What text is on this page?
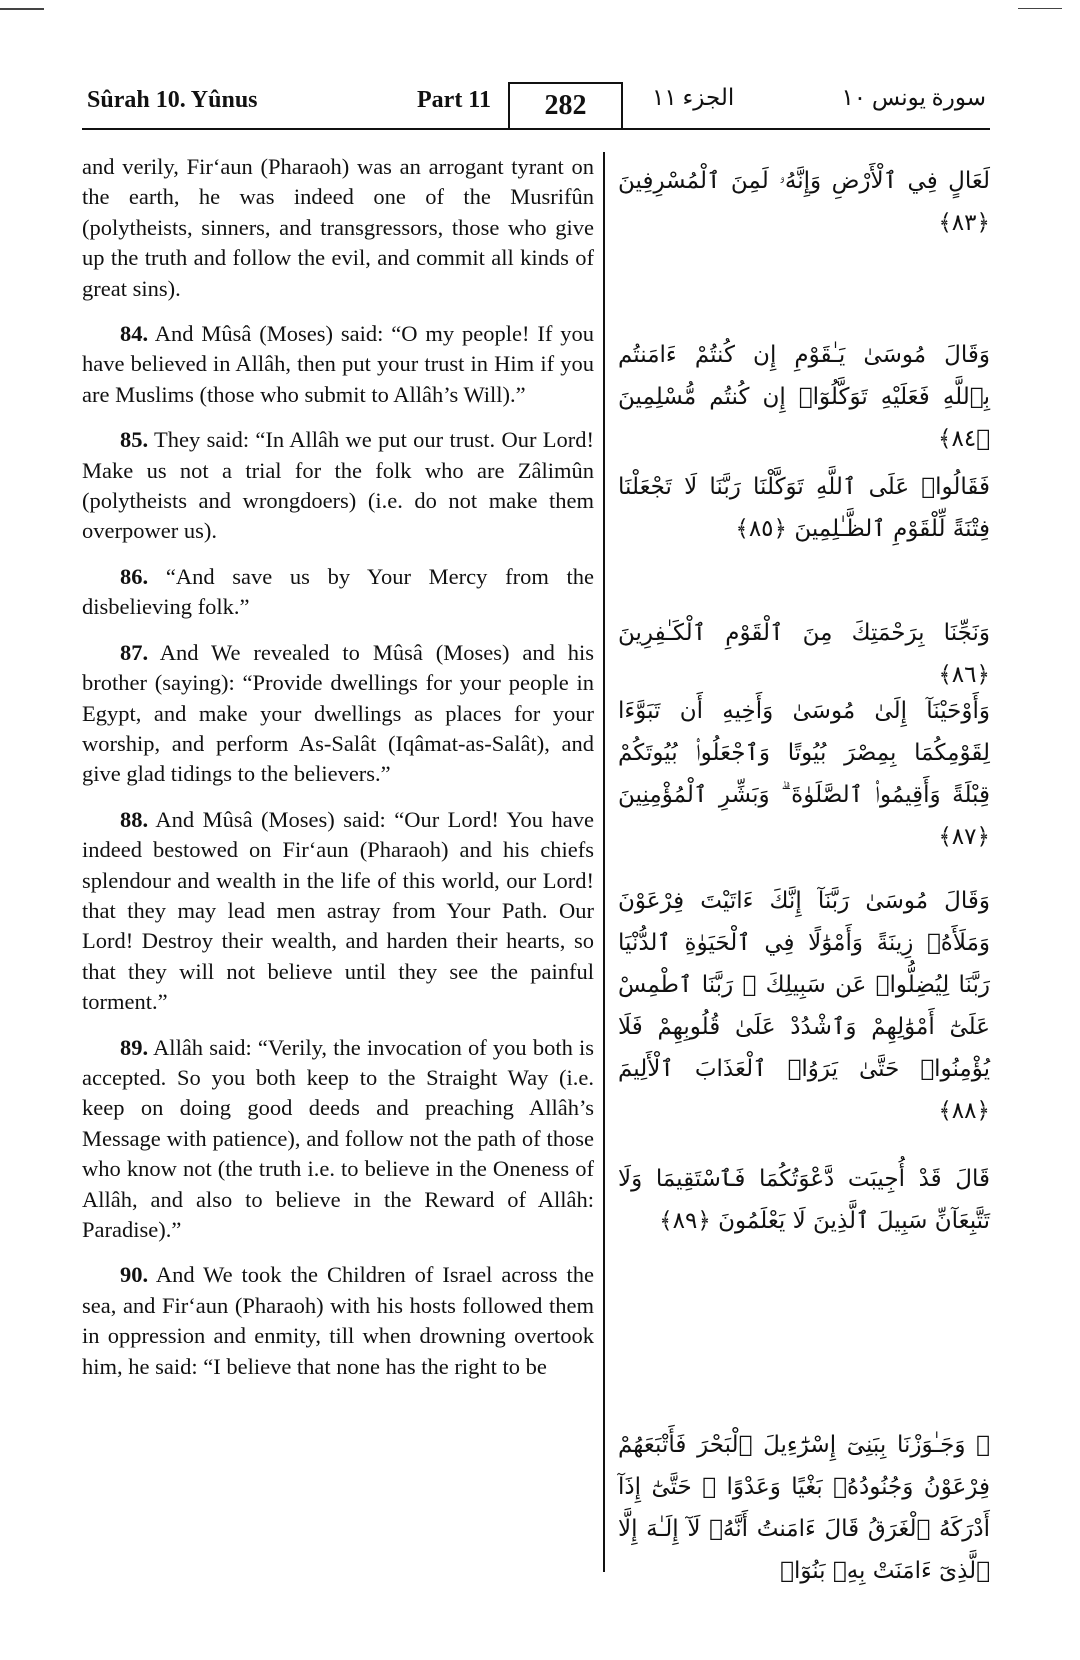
Sûrah 10. Yûnus	Part 11	282	الجزء ١١	سورة يونس ١٠

and verily, Fir‘aun (Pharaoh) was an arrogant tyrant on the earth, he was indeed one of the Musrifûn (polytheists, sinners, and transgressors, those who give up the truth and follow the evil, and commit all kinds of great sins).

84. And Mûsâ (Moses) said: “O my people! If you have believed in Allâh, then put your trust in Him if you are Muslims (those who submit to Allâh’s Will).”

85. They said: “In Allâh we put our trust. Our Lord! Make us not a trial for the folk who are Zâlimûn (polytheists and wrongdoers) (i.e. do not make them overpower us).

86. “And save us by Your Mercy from the disbelieving folk.”

87. And We revealed to Mûsâ (Moses) and his brother (saying): “Provide dwellings for your people in Egypt, and make your dwellings as places for your worship, and perform As-Salât (Iqâmat-as-Salât), and give glad tidings to the believers.”

88. And Mûsâ (Moses) said: “Our Lord! You have indeed bestowed on Fir‘aun (Pharaoh) and his chiefs splendour and wealth in the life of this world, our Lord! that they may lead men astray from Your Path. Our Lord! Destroy their wealth, and harden their hearts, so that they will not believe until they see the painful torment.”

89. Allâh said: “Verily, the invocation of you both is accepted. So you both keep to the Straight Way (i.e. keep on doing good deeds and preaching Allâh’s Message with patience), and follow not the path of those who know not (the truth i.e. to believe in the Oneness of Allâh, and also to believe in the Reward of Allâh: Paradise).”

90. And We took the Children of Israel across the sea, and Fir‘aun (Pharaoh) with his hosts followed them in oppression and enmity, till when drowning overtook him, he said: “I believe that none has the right to be

لَعَالٍ فِي ٱلْأَرْضِ وَإِنَّهُۥ لَمِنَ ٱلْمُسْرِفِينَ ﴿٨٣﴾
وَقَالَ مُوسَىٰ يَـٰقَوْمِ إِن كُنتُمْ ءَامَنتُم بِٱللَّهِ فَعَلَيْهِ تَوَكَّلُوٓا۟ إِن كُنتُم مُّسْلِمِينَ ﴿٨٤﴾
فَقَالُوا۟ عَلَى ٱللَّهِ تَوَكَّلْنَا رَبَّنَا لَا تَجْعَلْنَا فِتْنَةً لِّلْقَوْمِ ٱلظَّـٰلِمِينَ ﴿٨٥﴾
وَنَجِّنَا بِرَحْمَتِكَ مِنَ ٱلْقَوْمِ ٱلْكَـٰفِرِينَ ﴿٨٦﴾
وَأَوْحَيْنَآ إِلَىٰ مُوسَىٰ وَأَخِيهِ أَن تَبَوَّءَا لِقَوْمِكُمَا بِمِصْرَ بُيُوتًا وَٱجْعَلُوا۟ بُيُوتَكُمْ قِبْلَةً وَأَقِيمُوا۟ ٱلصَّلَوٰةَ ۗ وَبَشِّرِ ٱلْمُؤْمِنِينَ ﴿٨٧﴾
وَقَالَ مُوسَىٰ رَبَّنَآ إِنَّكَ ءَاتَيْتَ فِرْعَوْنَ وَمَلَأَهُۥ زِينَةً وَأَمْوَٰلًا فِي ٱلْحَيَوٰةِ ٱلدُّنْيَا رَبَّنَا لِيُضِلُّوا۟ عَن سَبِيلِكَ ۖ رَبَّنَا ٱطْمِسْ عَلَىٰٓ أَمْوَٰلِهِمْ وَٱشْدُدْ عَلَىٰ قُلُوبِهِمْ فَلَا يُؤْمِنُوا۟ حَتَّىٰ يَرَوُا۟ ٱلْعَذَابَ ٱلْأَلِيمَ ﴿٨٨﴾
قَالَ قَدْ أُجِيبَت دَّعْوَتُكُمَا فَٱسْتَقِيمَا وَلَا تَتَّبِعَآنِّ سَبِيلَ ٱلَّذِينَ لَا يَعْلَمُونَ ﴿٨٩﴾
۞ وَجَـٰوَزْنَا بِبَنِىٓ إِسْرَٰٓءِيلَ ٱلْبَحْرَ فَأَتْبَعَهُمْ فِرْعَوْنُ وَجُنُودُهُۥ بَغْيًا وَعَدْوًا ۖ حَتَّىٰٓ إِذَآ أَدْرَكَهُ ٱلْغَرَقُ قَالَ ءَامَنتُ أَنَّهُۥ لَآ إِلَـٰهَ إِلَّا ٱلَّذِىٓ ءَامَنَتْ بِهِۦ بَنُوٓا۟
